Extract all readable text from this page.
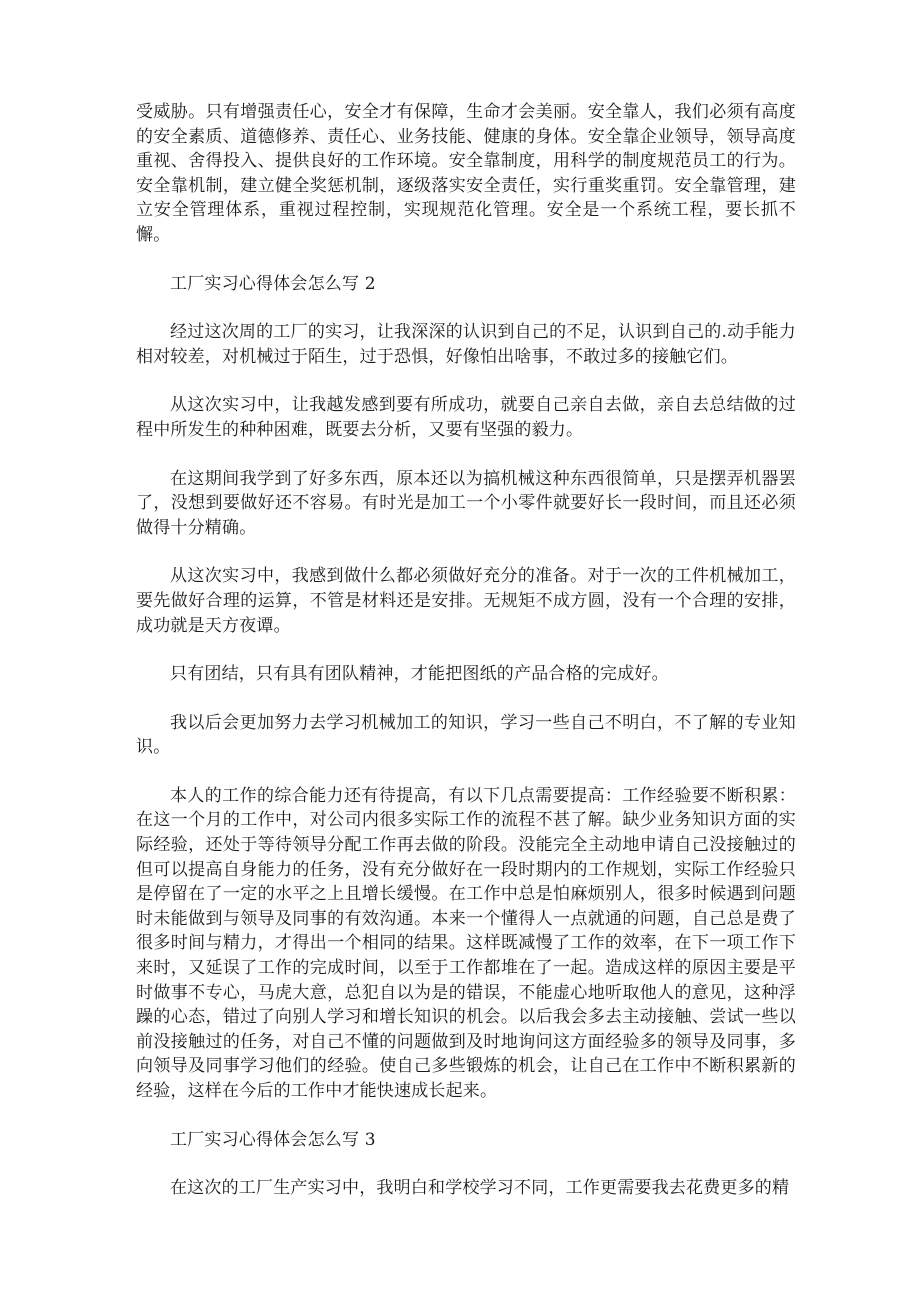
受威胁。只有增强责任心，安全才有保障，生命才会美丽。安全靠人，我们必须有高度的安全素质、道德修养、责任心、业务技能、健康的身体。安全靠企业领导，领导高度重视、舍得投入、提供良好的工作环境。安全靠制度，用科学的制度规范员工的行为。安全靠机制，建立健全奖惩机制，逐级落实安全责任，实行重奖重罚。安全靠管理，建立安全管理体系，重视过程控制，实现规范化管理。安全是一个系统工程，要长抓不懈。

工厂实习心得体会怎么写 2

经过这次周的工厂的实习，让我深深的认识到自己的不足，认识到自己的.动手能力相对较差，对机械过于陌生，过于恐惧，好像怕出啥事，不敢过多的接触它们。

从这次实习中，让我越发感到要有所成功，就要自己亲自去做，亲自去总结做的过程中所发生的种种困难，既要去分析，又要有坚强的毅力。

在这期间我学到了好多东西，原本还以为搞机械这种东西很简单，只是摆弄机器罢了，没想到要做好还不容易。有时光是加工一个小零件就要好长一段时间，而且还必须做得十分精确。

从这次实习中，我感到做什么都必须做好充分的准备。对于一次的工件机械加工，要先做好合理的运算，不管是材料还是安排。无规矩不成方圆，没有一个合理的安排，成功就是天方夜谭。

只有团结，只有具有团队精神，才能把图纸的产品合格的完成好。

我以后会更加努力去学习机械加工的知识，学习一些自己不明白，不了解的专业知识。

本人的工作的综合能力还有待提高，有以下几点需要提高：工作经验要不断积累：在这一个月的工作中，对公司内很多实际工作的流程不甚了解。缺少业务知识方面的实际经验，还处于等待领导分配工作再去做的阶段。没能完全主动地申请自己没接触过的但可以提高自身能力的任务，没有充分做好在一段时期内的工作规划，实际工作经验只是停留在了一定的水平之上且增长缓慢。在工作中总是怕麻烦别人，很多时候遇到问题时未能做到与领导及同事的有效沟通。本来一个懂得人一点就通的问题，自己总是费了很多时间与精力，才得出一个相同的结果。这样既减慢了工作的效率，在下一项工作下来时，又延误了工作的完成时间，以至于工作都堆在了一起。造成这样的原因主要是平时做事不专心，马虎大意，总犯自以为是的错误，不能虚心地听取他人的意见，这种浮躁的心态，错过了向别人学习和增长知识的机会。以后我会多去主动接触、尝试一些以前没接触过的任务，对自己不懂的问题做到及时地询问这方面经验多的领导及同事，多向领导及同事学习他们的经验。使自己多些锻炼的机会，让自己在工作中不断积累新的经验，这样在今后的工作中才能快速成长起来。

工厂实习心得体会怎么写 3

在这次的工厂生产实习中，我明白和学校学习不同，工作更需要我去花费更多的精
